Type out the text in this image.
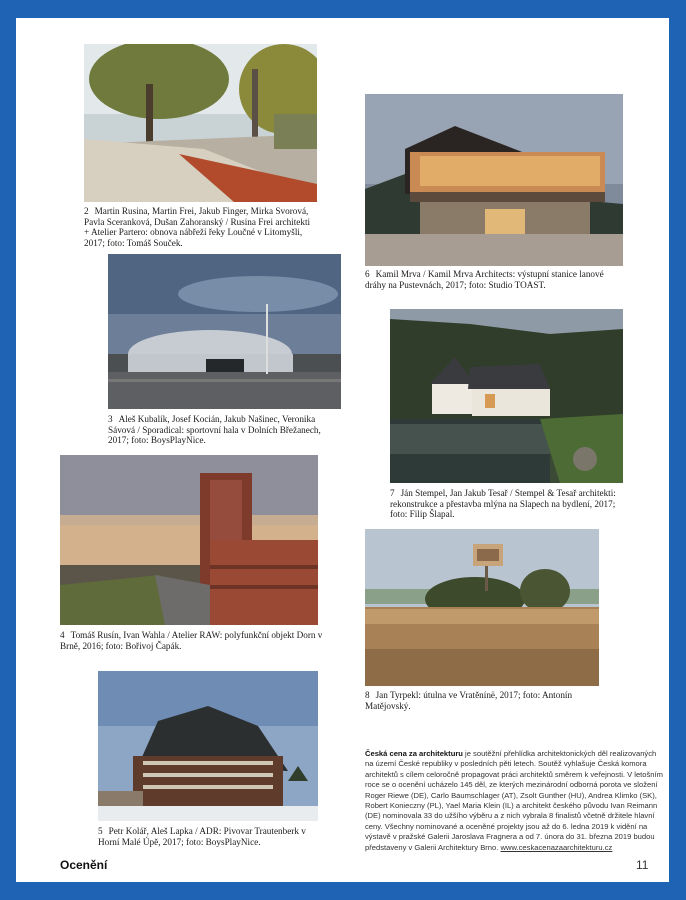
2 Martin Rusina, Martin Frei, Jakub Finger, Mirka Svorová, Pavla Sceranková, Dušan Zahoranský / Rusina Frei architekti + Atelier Partero: obnova nábřeží řeky Loučné v Litomyšli, 2017; foto: Tomáš Souček.
6 Kamil Mrva / Kamil Mrva Architects: výstupní stanice lanové dráhy na Pustevnách, 2017; foto: Studio TOAST.
3 Aleš Kubalík, Josef Kocián, Jakub Našinec, Veronika Sávová / Sporadical: sportovní hala v Dolních Břežanech, 2017; foto: BoysPlayNice.
7 Ján Stempel, Jan Jakub Tesař / Stempel & Tesař architekti: rekonstrukce a přestavba mlýna na Slapech na bydlení, 2017; foto: Filip Šlapal.
4 Tomáš Rusín, Ivan Wahla / Atelier RAW: polyfunkční objekt Dorn v Brně, 2016; foto: Bořivoj Čapák.
8 Jan Tyrpekl: útulna ve Vratěnínë, 2017; foto: Antonín Matějovský.
5 Petr Kolář, Aleš Lapka / ADR: Pivovar Trautenberk v Horní Malé Úpě, 2017; foto: BoysPlayNice.
Česká cena za architekturu je soutěžní přehlídka architektonických děl realizovaných na území České republiky v posledních pěti letech. Soutěž vyhlašuje Česká komora architektů s cílem celoročně propagovat práci architektů směrem k veřejnosti. V letošním roce se o ocenění ucházelo 145 děl, ze kterých mezinárodní odborná porota ve složení Roger Riewe (DE), Carlo Baumschlager (AT), Zsolt Gunther (HU), Andrea Klimko (SK), Robert Konieczny (PL), Yael Maria Klein (IL) a architekt českého původu Ivan Reimann (DE) nominovala 33 do užšího výběru a z nich vybrala 8 finalistů včetně držitele hlavní ceny. Všechny nominované a oceněné projekty jsou až do 6. ledna 2019 k vidění na výstavě v pražské Galerii Jaroslava Fragnera a od 7. února do 31. března 2019 budou představeny v Galerii Architektury Brno. www.ceskacenazaarchitekturu.cz
Ocenění	11
